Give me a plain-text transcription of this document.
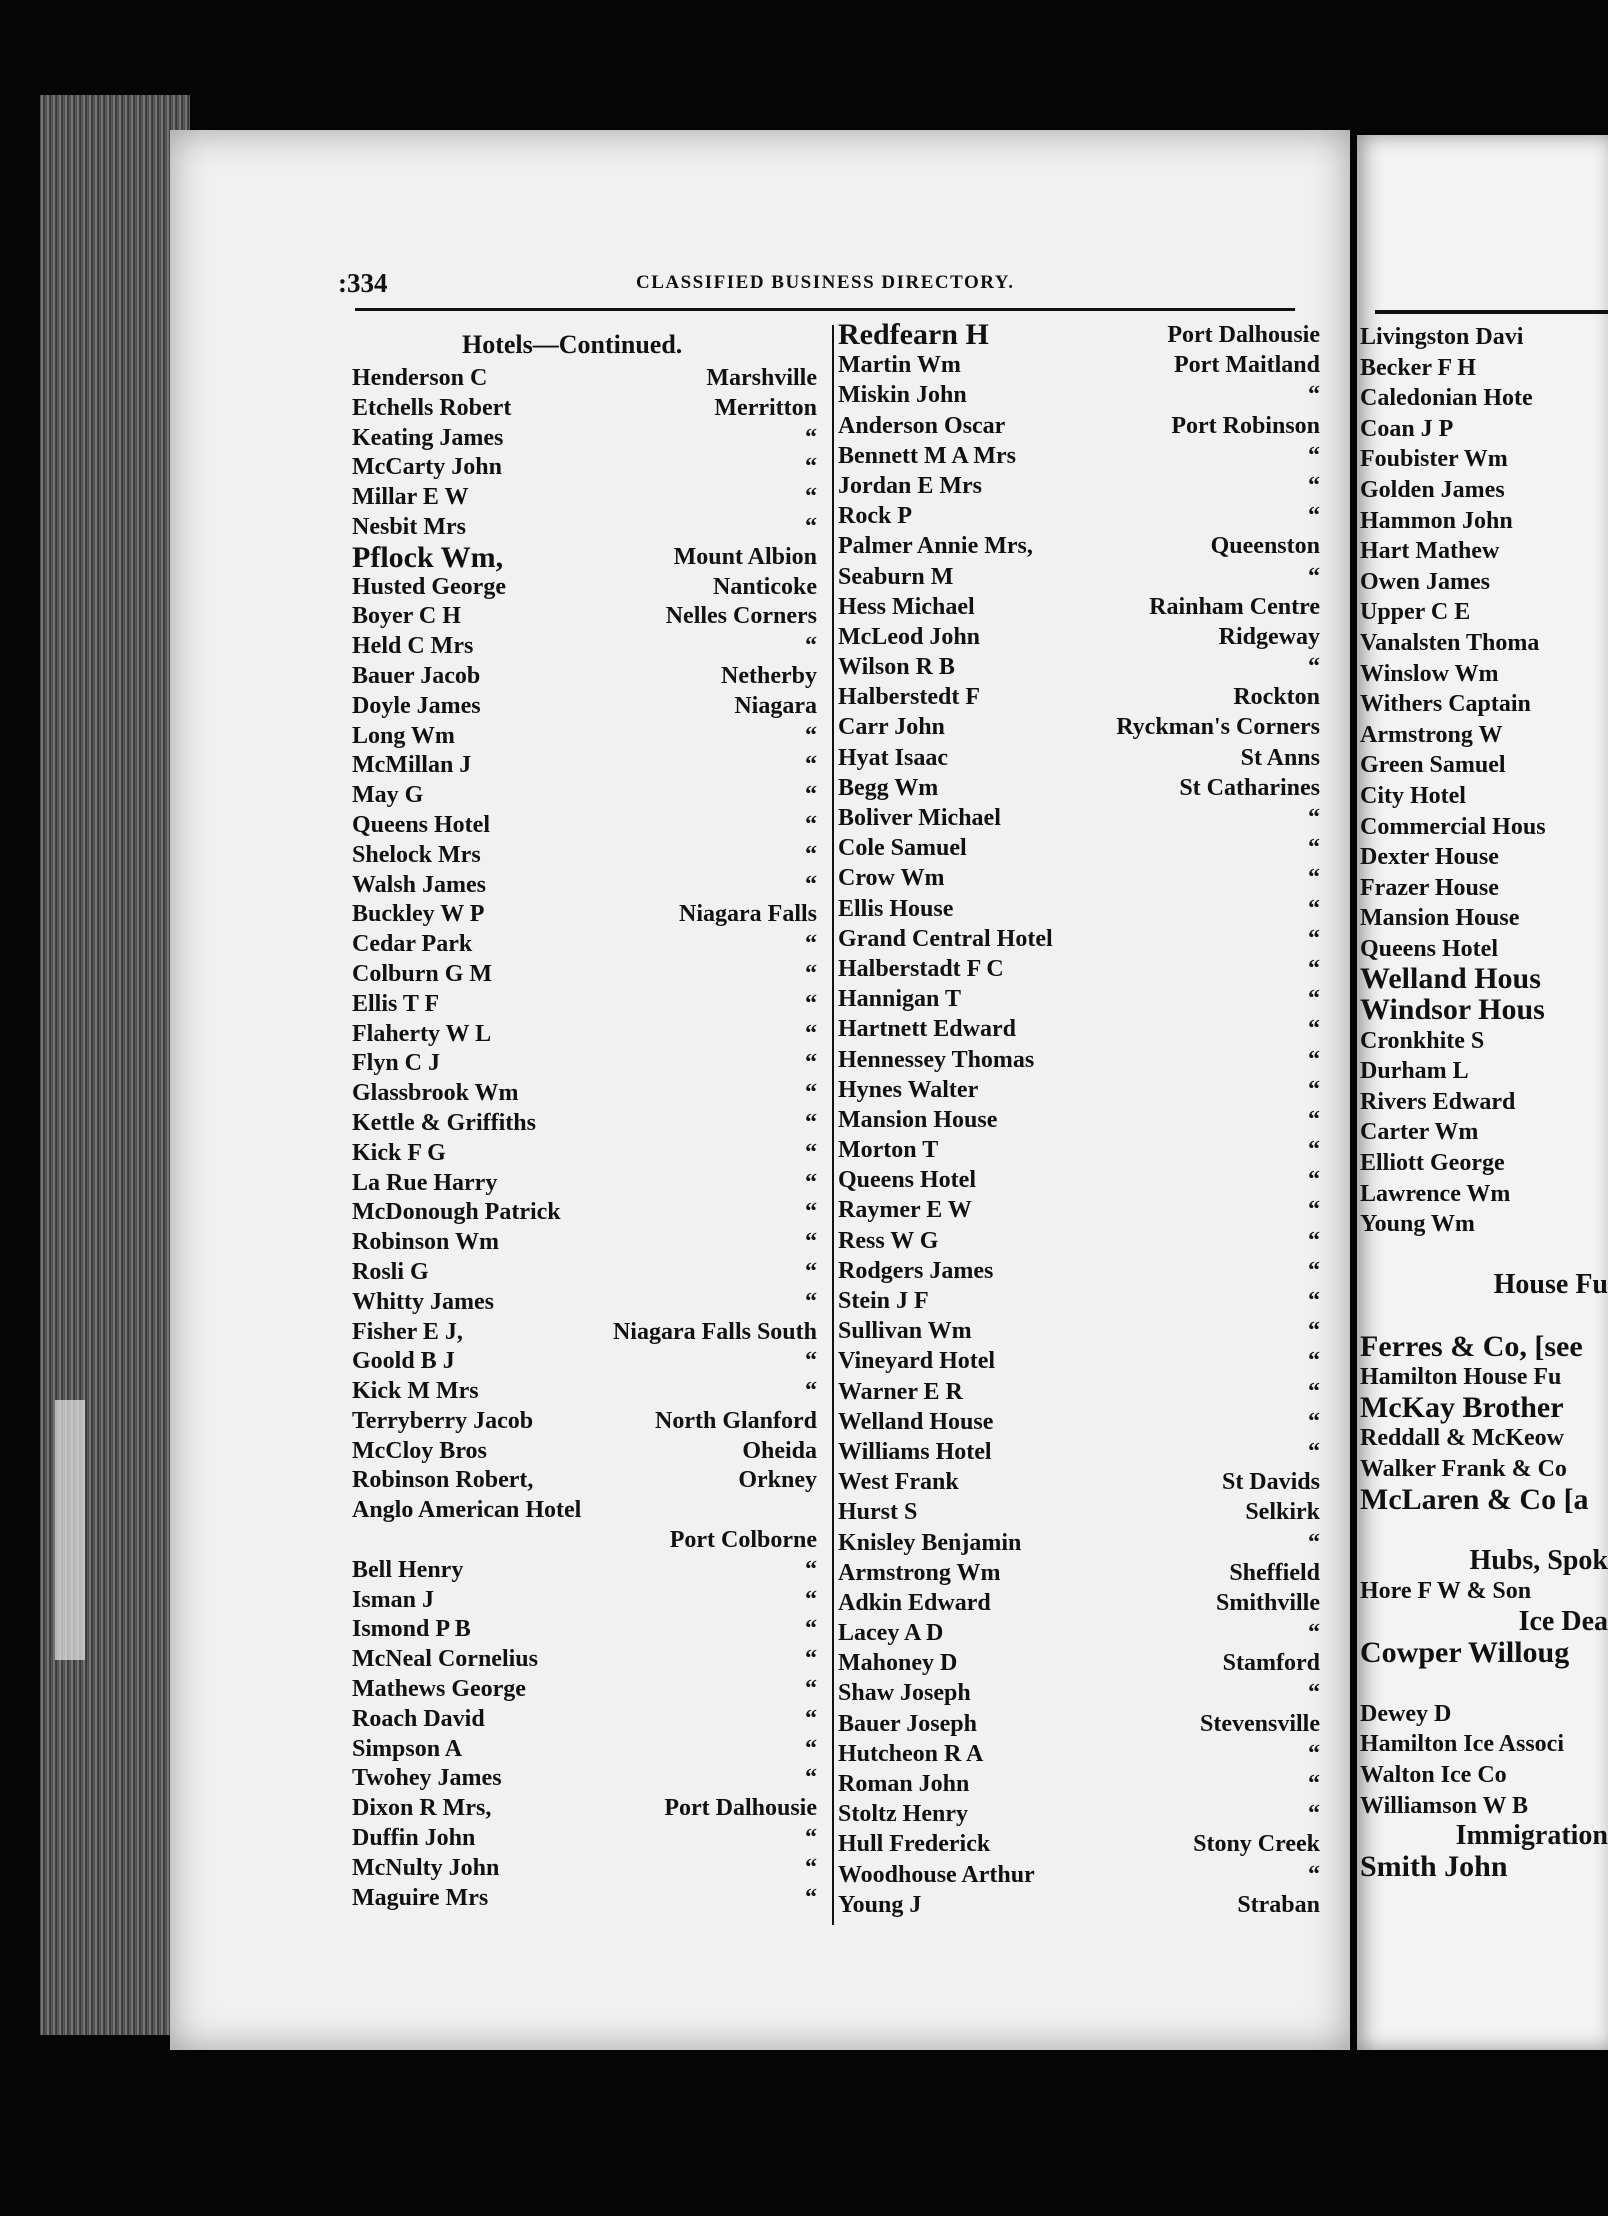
:334	CLASSIFIED BUSINESS DIRECTORY.
Hotels—Continued.
Henderson C	Marshville
Etchells Robert	Merritton
Keating James	“
McCarty John	“
Millar E W	“
Nesbit Mrs	“
Pflock Wm,	Mount Albion
Husted George	Nanticoke
Boyer C H	Nelles Corners
Held C Mrs	“
Bauer Jacob	Netherby
Doyle James	Niagara
Long Wm	“
McMillan J	“
May G	“
Queens Hotel	“
Shelock Mrs	“
Walsh James	“
Buckley W P	Niagara Falls
Cedar Park	“
Colburn G M	“
Ellis T F	“
Flaherty W L	“
Flyn C J	“
Glassbrook Wm	“
Kettle & Griffiths	“
Kick F G	“
La Rue Harry	“
McDonough Patrick	“
Robinson Wm	“
Rosli G	“
Whitty James	“
Fisher E J,	Niagara Falls South
Goold B J	“
Kick M Mrs	“
Terryberry Jacob	North Glanford
McCloy Bros	Oheida
Robinson Robert,	Orkney
Anglo American Hotel
Port Colborne
Bell Henry	“
Isman J	“
Ismond P B	“
McNeal Cornelius	“
Mathews George	“
Roach David	“
Simpson A	“
Twohey James	“
Dixon R Mrs,	Port Dalhousie
Duffin John	“
McNulty John	“
Maguire Mrs	“
Redfearn H	Port Dalhousie
Martin Wm	Port Maitland
Miskin John	“
Anderson Oscar	Port Robinson
Bennett M A Mrs	“
Jordan E Mrs	“
Rock P	“
Palmer Annie Mrs,	Queenston
Seaburn M	“
Hess Michael	Rainham Centre
McLeod John	Ridgeway
Wilson R B	“
Halberstedt F	Rockton
Carr John	Ryckman's Corners
Hyat Isaac	St Anns
Begg Wm	St Catharines
Boliver Michael	“
Cole Samuel	“
Crow Wm	“
Ellis House	“
Grand Central Hotel	“
Halberstadt F C	“
Hannigan T	“
Hartnett Edward	“
Hennessey Thomas	“
Hynes Walter	“
Mansion House	“
Morton T	“
Queens Hotel	“
Raymer E W	“
Ress W G	“
Rodgers James	“
Stein J F	“
Sullivan Wm	“
Vineyard Hotel	“
Warner E R	“
Welland House	“
Williams Hotel	“
West Frank	St Davids
Hurst S	Selkirk
Knisley Benjamin	“
Armstrong Wm	Sheffield
Adkin Edward	Smithville
Lacey A D	“
Mahoney D	Stamford
Shaw Joseph	“
Bauer Joseph	Stevensville
Hutcheon R A	“
Roman John	“
Stoltz Henry	“
Hull Frederick	Stony Creek
Woodhouse Arthur	“
Young J	Straban
Livingston Davi
Becker F H
Caledonian Hote
Coan J P
Foubister Wm
Golden James
Hammon John
Hart Mathew
Owen James
Upper C E
Vanalsten Thoma
Winslow Wm
Withers Captain
Armstrong W
Green Samuel
City Hotel
Commercial Hous
Dexter House
Frazer House
Mansion House
Queens Hotel
Welland Hous
Windsor Hous
Cronkhite S
Durham L
Rivers Edward
Carter Wm
Elliott George
Lawrence Wm
Young Wm
House Fu
Ferres & Co, [see
Hamilton House Fu
McKay Brother
Reddall & McKeow
Walker Frank & Co
McLaren & Co [a
Hubs, Spok
Hore F W & Son
Ice Dea
Cowper Willoug
Dewey D
Hamilton Ice Associ
Walton Ice Co
Williamson W B
Immigration
Smith John
